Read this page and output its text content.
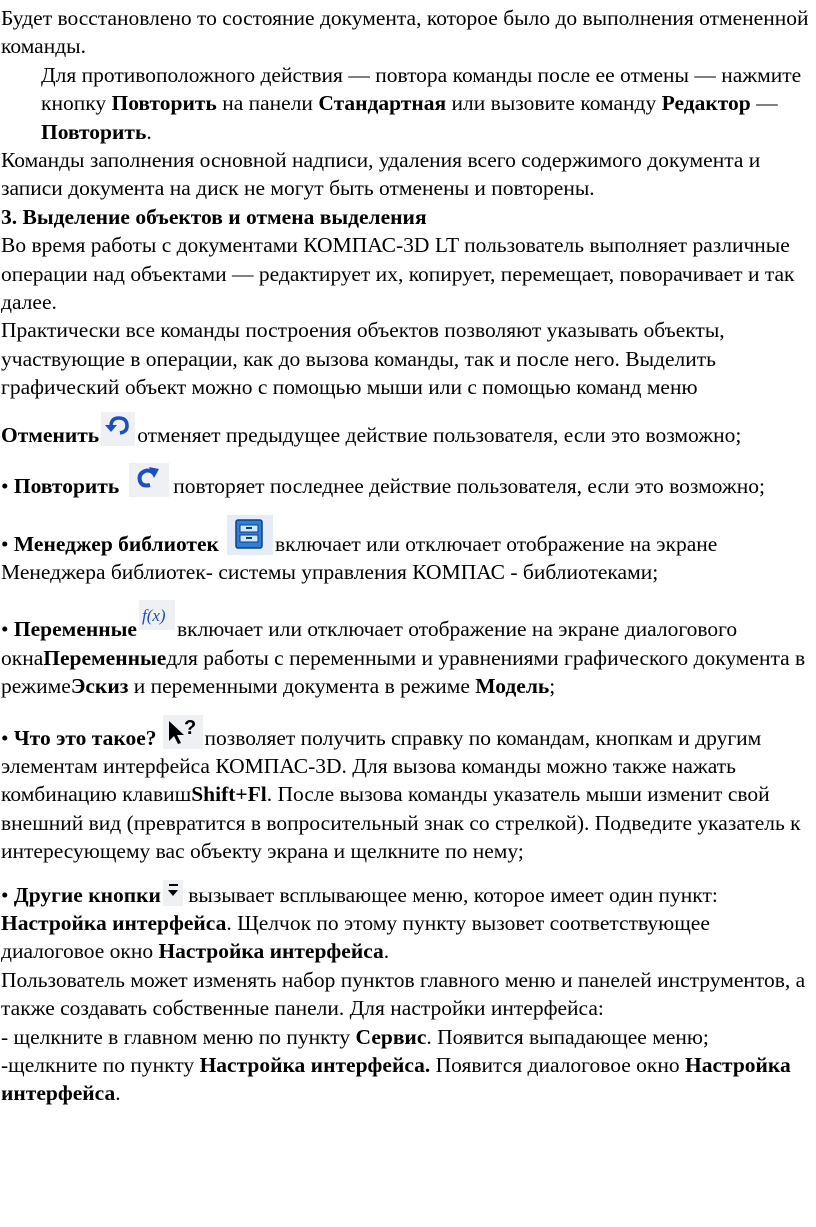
Будет восстановлено то состояние документа, которое было до выполнения отмененной команды.

Для противоположного действия — повтора команды после ее отмены — нажмите кнопку Повторить на панели Стандартная или вызовите команду Редактор — Повторить.

Команды заполнения основной надписи, удаления всего содержимого документа и записи документа на диск не могут быть отменены и повторены.

3. Выделение объектов и отмена выделения

Во время работы с документами КОМПАС-3D LT пользователь выполняет различные операции над объектами — редактирует их, копирует, перемещает, поворачивает и так далее.

Практически все команды построения объектов позволяют указывать объекты, участвующие в операции, как до вызова команды, так и после него. Выделить графический объект можно с помощью мыши или с помощью команд меню

Отменить отменяет предыдущее действие пользователя, если это возможно;

• Повторить	повторяет последнее действие пользователя, если это возможно;

• Менеджер библиотек	включает или отключает отображение на экране Менеджера библиотек- системы управления КОМПАС - библиотеками;

• Переменные
f(x)
включает или отключает отображение на экране диалогового окнаПеременныедля работы с переменными и уравнениями графического документа в режимеЭскиз и переменными документа в режиме Модель;

• Что это такое? ? позволяет получить справку по командам, кнопкам и другим элементам интерфейса КОМПАС-3D. Для вызова команды можно также нажать комбинацию клавишShift+Fl. После вызова команды указатель мыши изменит свой внешний вид (превратится в вопросительный знак со стрелкой). Подведите указатель к интересующему вас объекту экрана и щелкните по нему;

• Другие кнопки
вызывает всплывающее меню, которое имеет один пункт: Настройка интерфейса. Щелчок по этому пункту вызовет соответствующее диалоговое окно Настройка интерфейса.

Пользователь может изменять набор пунктов главного меню и панелей инструментов, а также создавать собственные панели. Для настройки интерфейса:

- щелкните в главном меню по пункту Сервис. Появится выпадающее меню;

-щелкните по пункту Настройка интерфейса. Появится диалоговое окно Настройка интерфейса.
